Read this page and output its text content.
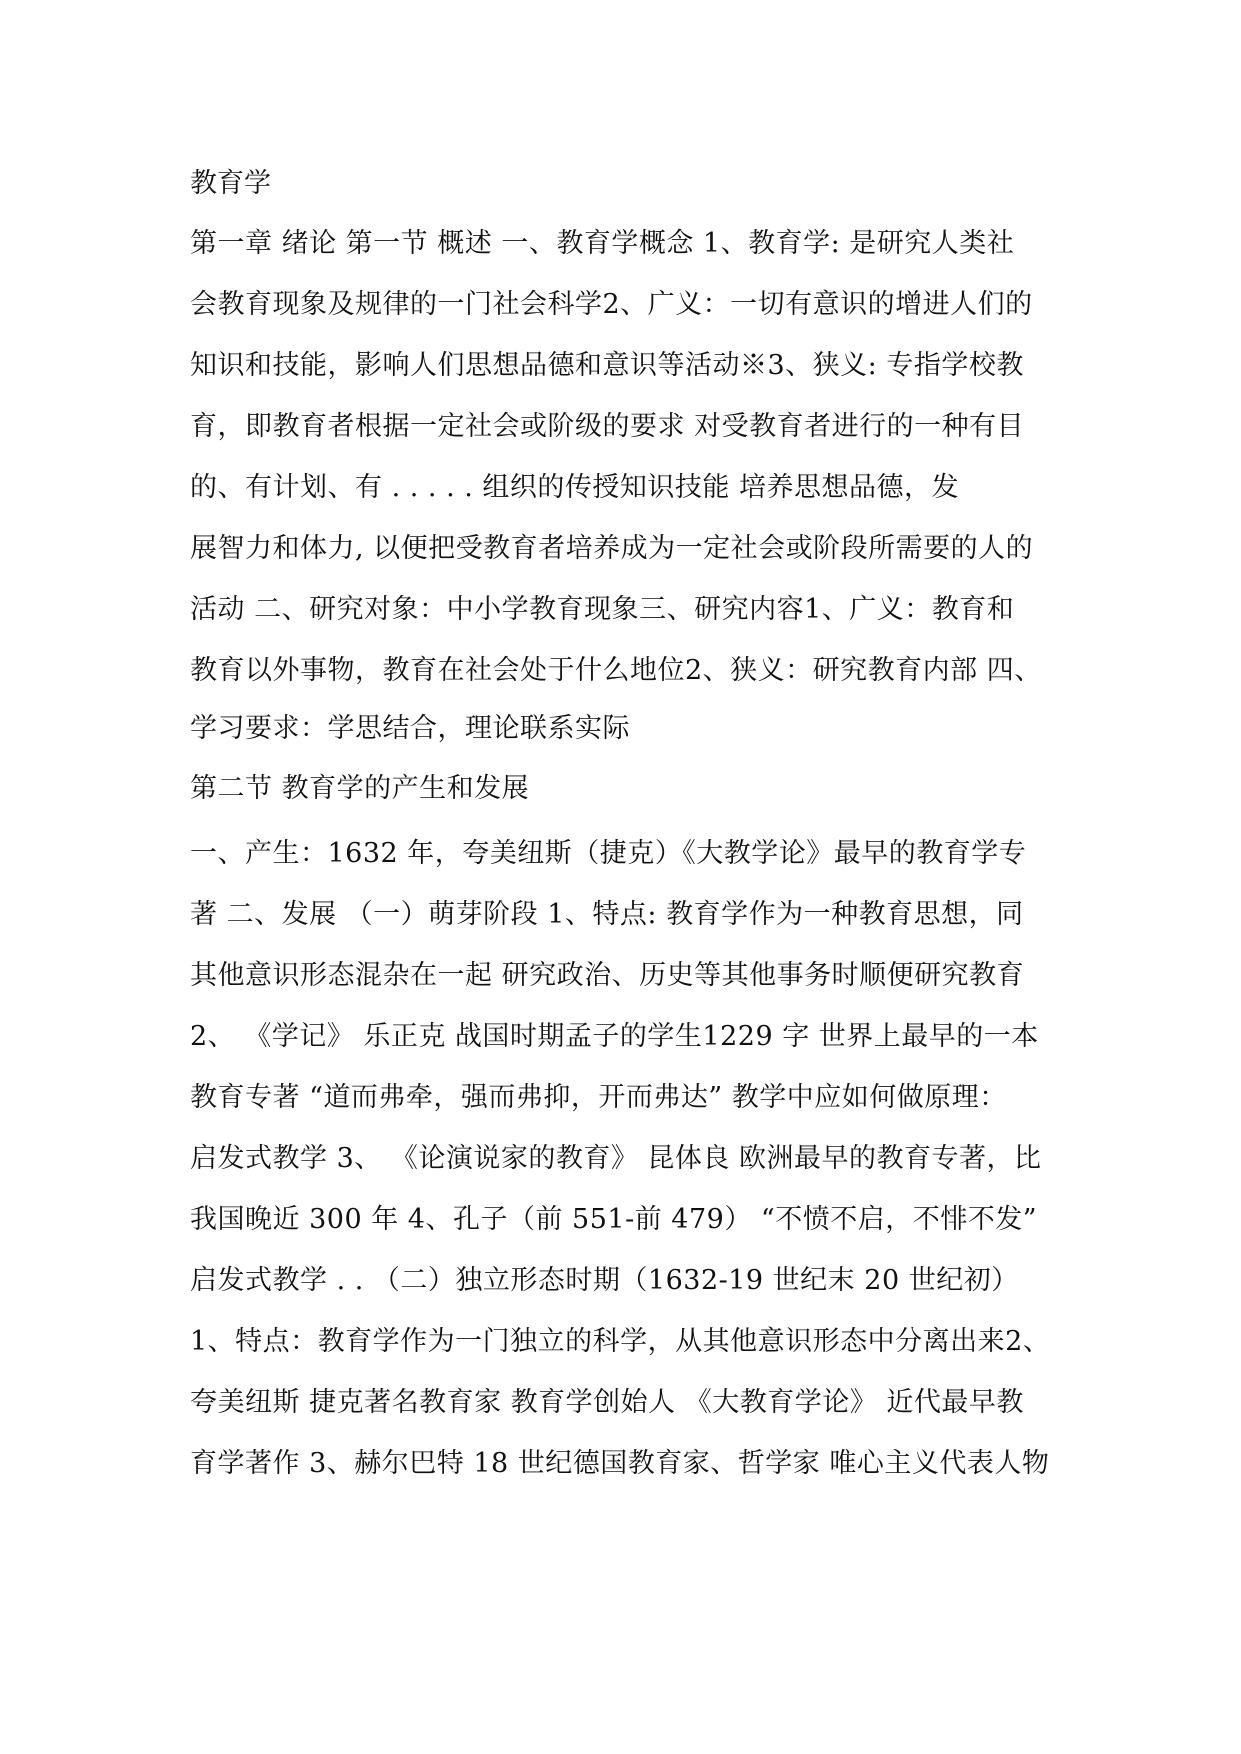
教育学
第一章 绪论 第一节 概述 一、教育学概念 1、教育学: 是研究人类社
会教育现象及规律的一门社会科学2、广义：一切有意识的增进人们的
知识和技能，影响人们思想品德和意识等活动※3、狭义: 专指学校教
育，即教育者根据一定社会或阶级的要求 对受教育者进行的一种有目
的、有计划、有 . . . . . 组织的传授知识技能 培养思想品德，发
展智力和体力, 以便把受教育者培养成为一定社会或阶段所需要的人的
活动 二、研究对象：中小学教育现象三、研究内容1、广义：教育和
教育以外事物，教育在社会处于什么地位2、狭义：研究教育内部 四、
学习要求：学思结合，理论联系实际
第二节 教育学的产生和发展
一、产生：1632 年，夸美纽斯（捷克）《大教学论》最早的教育学专
著 二、发展 （一）萌芽阶段 1、特点: 教育学作为一种教育思想，同
其他意识形态混杂在一起 研究政治、历史等其他事务时顺便研究教育
2、 《学记》 乐正克 战国时期孟子的学生1229 字 世界上最早的一本
教育专著 “道而弗牵，强而弗抑，开而弗达” 教学中应如何做原理：
启发式教学 3、 《论演说家的教育》 昆体良 欧洲最早的教育专著，比
我国晚近 300 年 4、孔子（前 551-前 479） “不愤不启，不悱不发”
启发式教学 . . （二）独立形态时期（1632-19 世纪末 20 世纪初）
1、特点：教育学作为一门独立的科学，从其他意识形态中分离出来2、
夸美纽斯 捷克著名教育家 教育学创始人 《大教育学论》 近代最早教
育学著作 3、赫尔巴特 18 世纪德国教育家、哲学家 唯心主义代表人物
